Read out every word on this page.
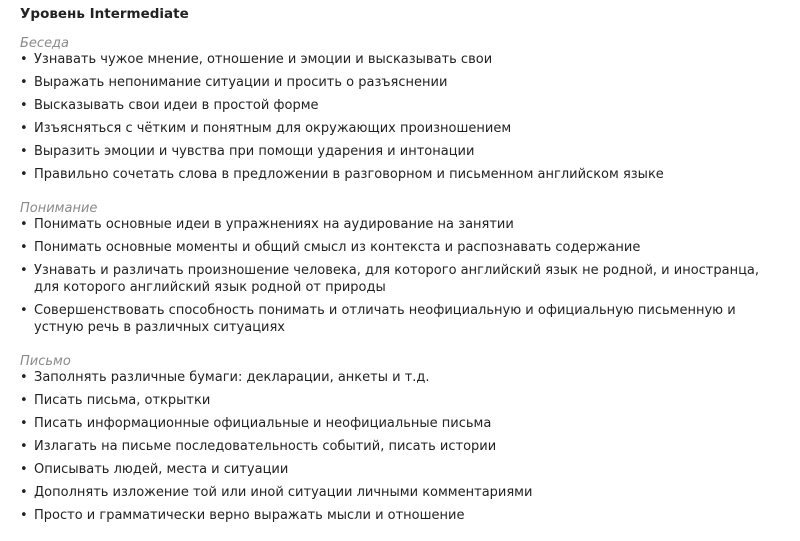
Уровень Intermediate
Беседа
• Узнавать чужое мнение, отношение и эмоции и высказывать свои
• Выражать непонимание ситуации и просить о разъяснении
• Высказывать свои идеи в простой форме
• Изъясняться с чётким и понятным для окружающих произношением
• Выразить эмоции и чувства при помощи ударения и интонации
• Правильно сочетать слова в предложении в разговорном и письменном английском языке
Понимание
• Понимать основные идеи в упражнениях на аудирование на занятии
• Понимать основные моменты и общий смысл из контекста и распознавать содержание
• Узнавать и различать произношение человека, для которого английский язык не родной, и иностранца, для которого английский язык родной от природы
• Совершенствовать способность понимать и отличать неофициальную и официальную письменную и устную речь в различных ситуациях
Письмо
• Заполнять различные бумаги: декларации, анкеты и т.д.
• Писать письма, открытки
• Писать информационные официальные и неофициальные письма
• Излагать на письме последовательность событий, писать истории
• Описывать людей, места и ситуации
• Дополнять изложение той или иной ситуации личными комментариями
• Просто и грамматически верно выражать мысли и отношение
